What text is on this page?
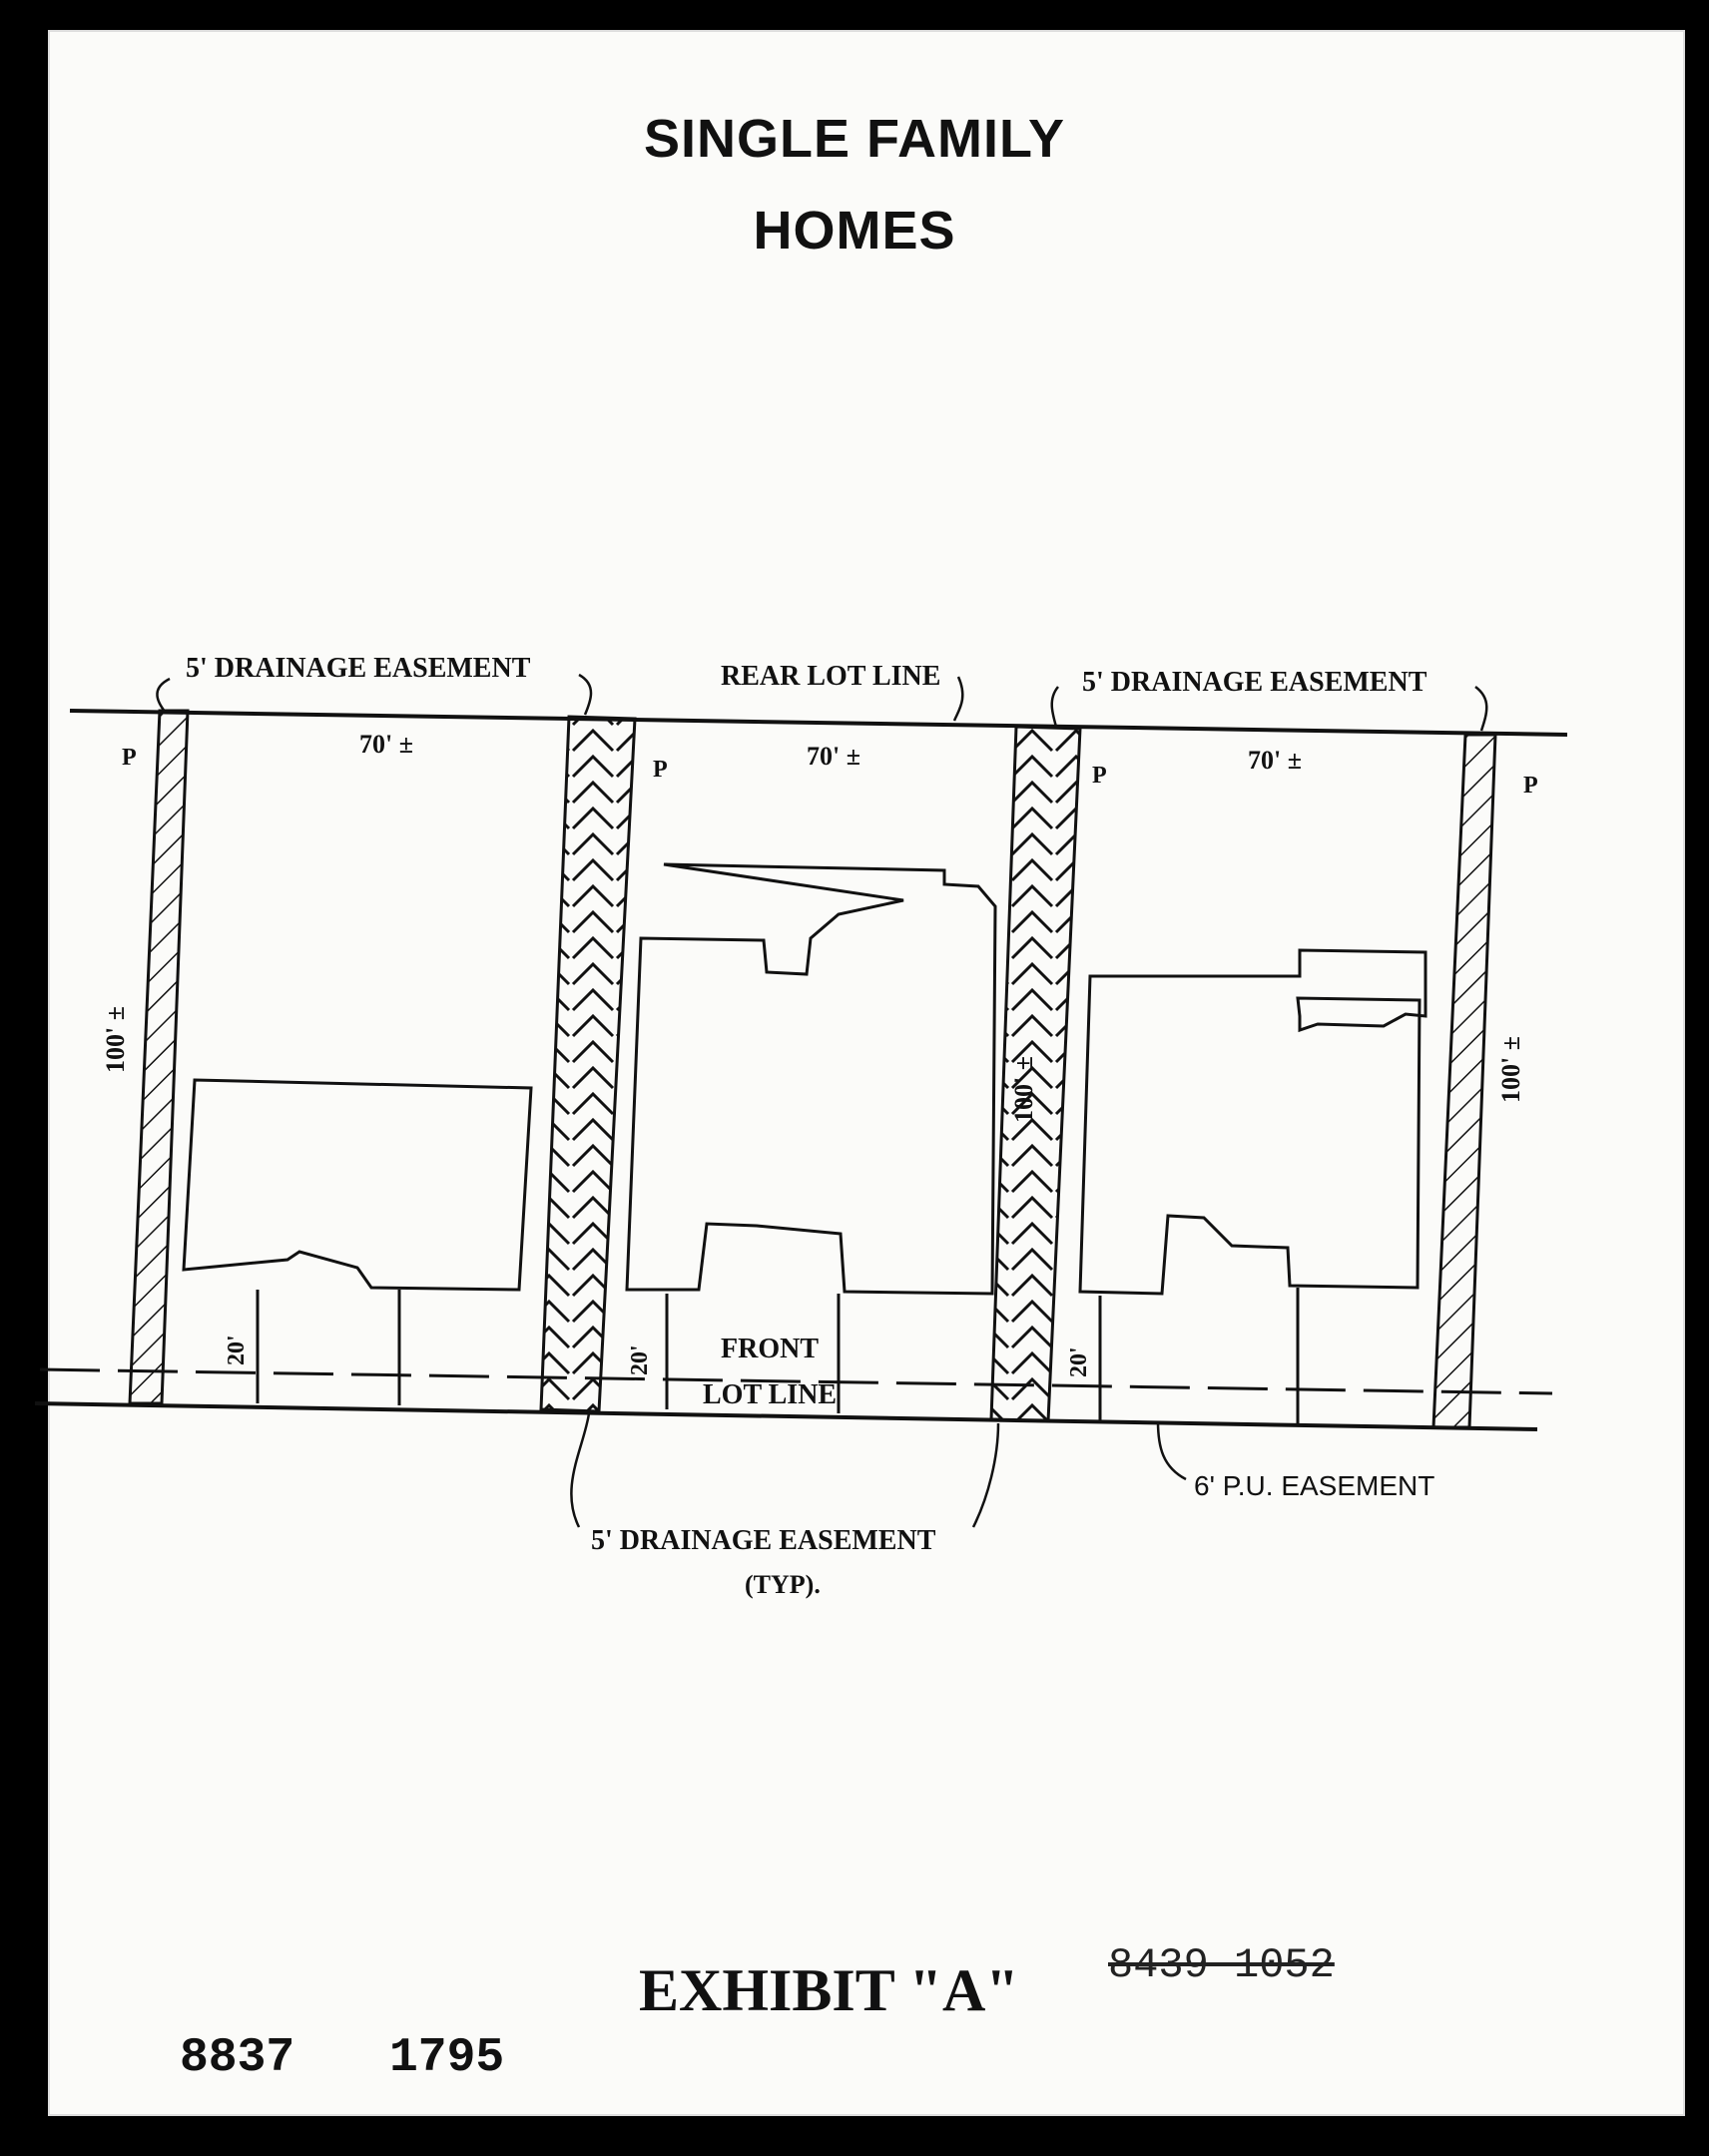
SINGLE FAMILY
HOMES
70' ±	70' ±	70' ±
100' ±
100' ±	100' ±
20'	20'	20'
P	P	P	P
5' DRAINAGE EASEMENT	REAR LOT LINE	5' DRAINAGE EASEMENT
FRONT
LOT LINE
5' DRAINAGE EASEMENT
(TYP).
6' P.U. EASEMENT
EXHIBIT "A" 8439 1052
8837 1795
